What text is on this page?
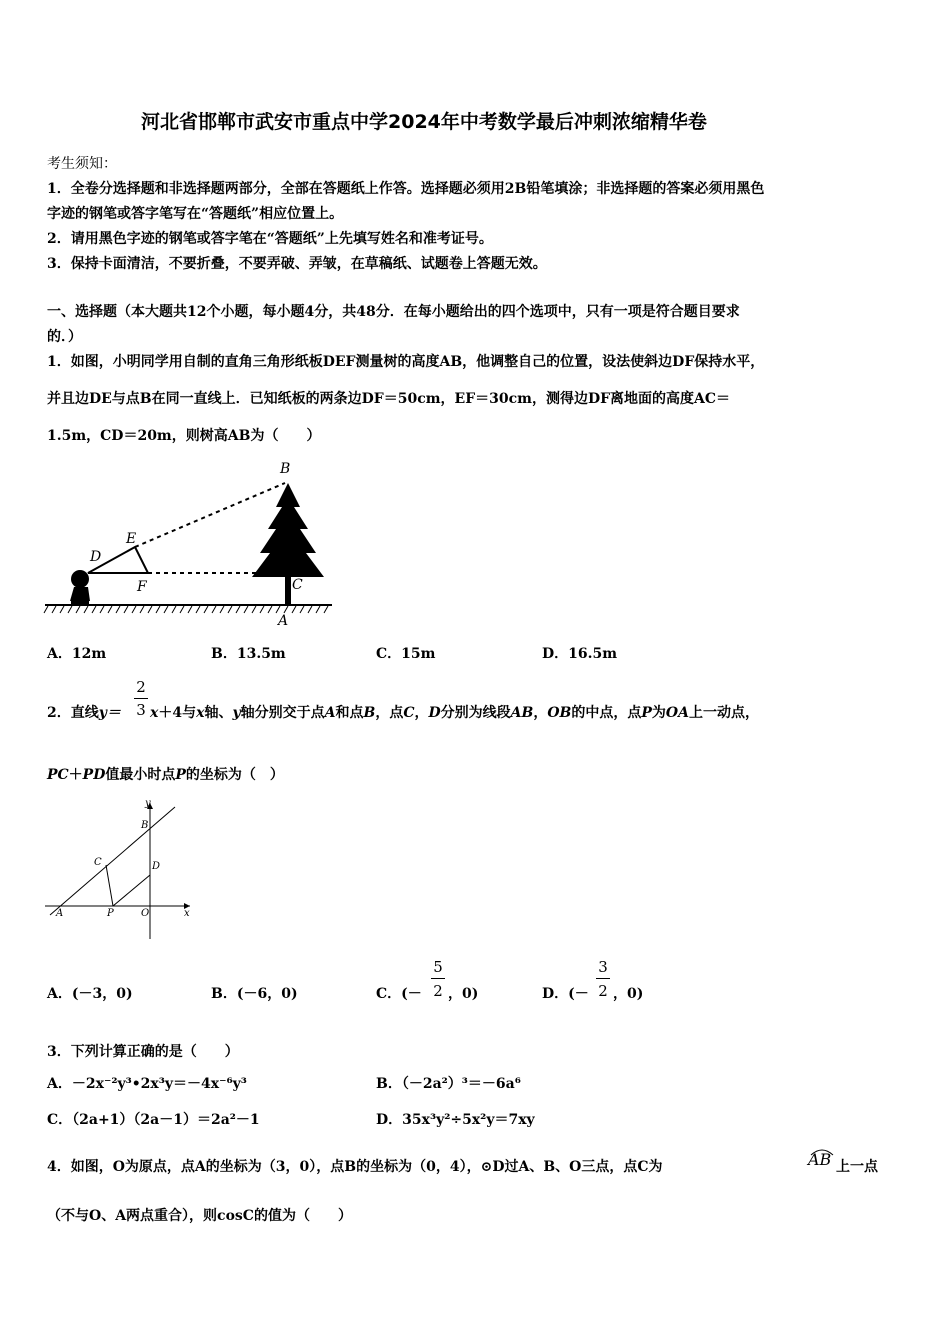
河北省邯郸市武安市重点中学2024年中考数学最后冲刺浓缩精华卷
考生须知：
1．全卷分选择题和非选择题两部分，全部在答题纸上作答。选择题必须用2B铅笔填涂；非选择题的答案必须用黑色
字迹的钢笔或答字笔写在“答题纸”相应位置上。
2．请用黑色字迹的钢笔或答字笔在“答题纸”上先填写姓名和准考证号。
3．保持卡面清洁，不要折叠，不要弄破、弄皱，在草稿纸、试题卷上答题无效。
一、选择题（本大题共12个小题，每小题4分，共48分．在每小题给出的四个选项中，只有一项是符合题目要求
的．）
1．如图，小明同学用自制的直角三角形纸板DEF测量树的高度AB，他调整自己的位置，设法使斜边DF保持水平，
并且边DE与点B在同一直线上．已知纸板的两条边DF＝50cm，EF＝30cm，测得边DF离地面的高度AC＝
1.5m，CD＝20m，则树高AB为（　　）
B
E
D
F	C
A
A．12m	B．13.5m	C．15m	D．16.5m
2．直线y＝
2
3 x＋4与x轴、y轴分别交于点A和点B，点C，D分别为线段AB，OB的中点，点P为OA上一动点，
PC＋PD值最小时点P的坐标为（　）
y
B
C	D
A	P	O	x
A．(－3，0)	B．(－6，0)	C．(－
5
2 ，0)	D．(－
3
2 ，0)
3．下列计算正确的是（　　）
A．－2x⁻²y³•2x³y＝－4x⁻⁶y³	B．（－2a²）³＝－6a⁶
C．（2a+1）（2a－1）＝2a²－1	D．35x³y²÷5x²y＝7xy
4．如图，O为原点，点A的坐标为（3，0），点B的坐标为（0，4），⊙D过A、B、O三点，点C为	AB 上一点
（不与O、A两点重合），则cosC的值为（　　）
